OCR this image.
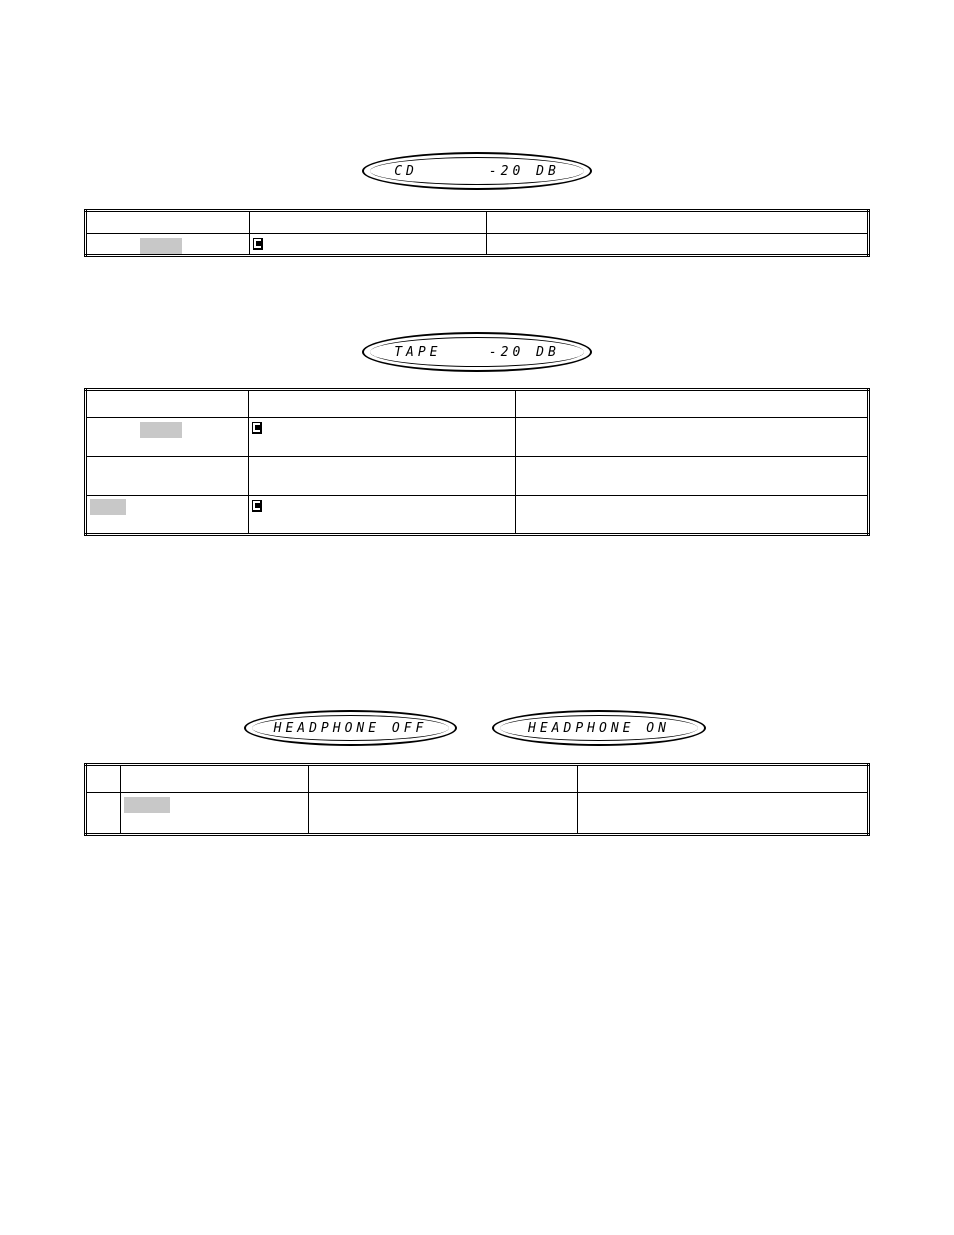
CD      -20 DB

TAPE    -20 DB

HEADPHONE OFF	HEADPHONE ON
